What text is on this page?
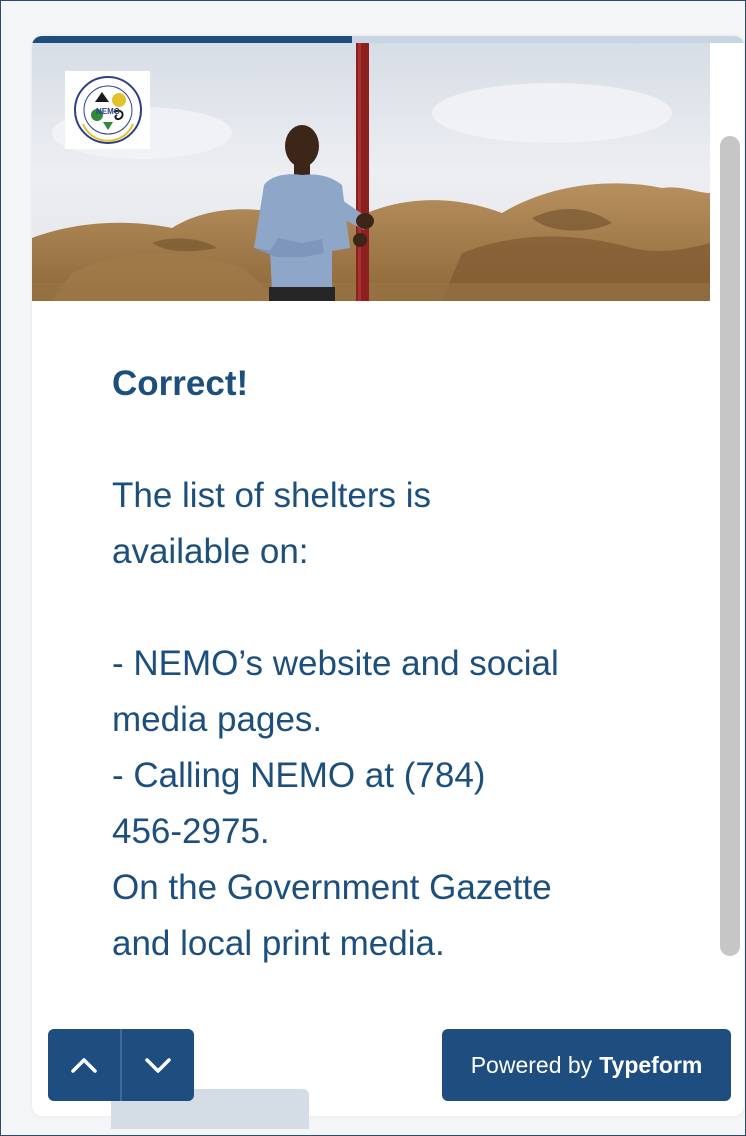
NEMO

Correct!

The list of shelters is

available on:

- NEMO’s website and social

media pages.

- Calling NEMO at (784)

456-2975.

On the Government Gazette

and local print media.

Powered by Typeform
